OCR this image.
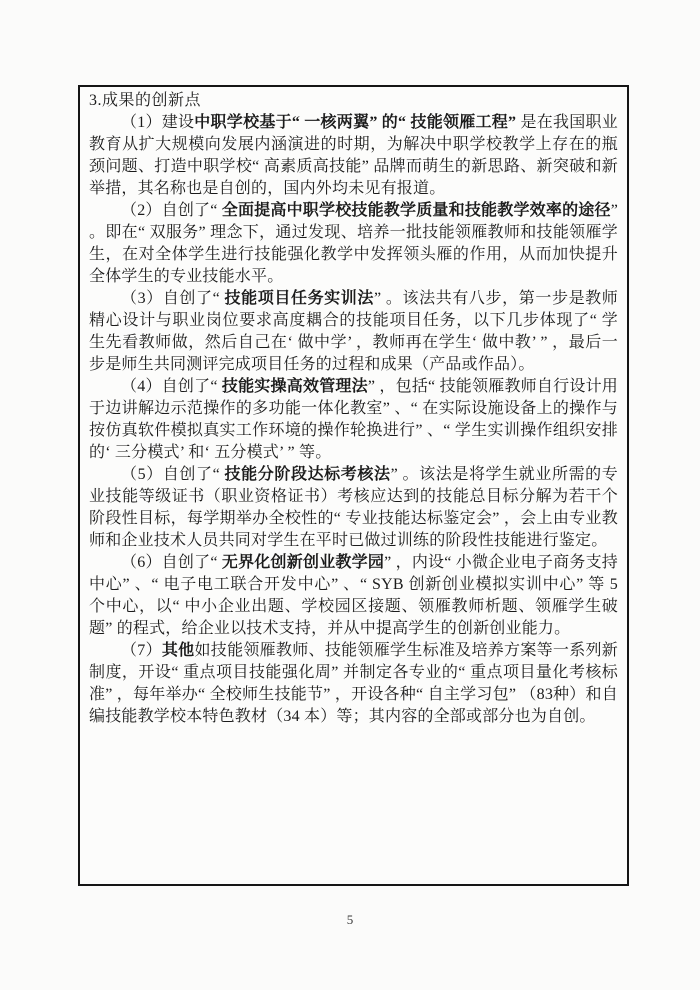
3.成果的创新点

（1）建设中职学校基于“ 一核两翼” 的“ 技能领雁工程” 是在我国职业教育从扩大规模向发展内涵演进的时期，为解决中职学校教学上存在的瓶颈问题、打造中职学校“ 高素质高技能” 品牌而萌生的新思路、新突破和新举措，其名称也是自创的，国内外均未见有报道。

（2）自创了“ 全面提高中职学校技能教学质量和技能教学效率的途径” 。即在“ 双服务” 理念下，通过发现、培养一批技能领雁教师和技能领雁学生，在对全体学生进行技能强化教学中发挥领头雁的作用，从而加快提升全体学生的专业技能水平。

（3）自创了“ 技能项目任务实训法” 。该法共有八步，第一步是教师精心设计与职业岗位要求高度耦合的技能项目任务，以下几步体现了“ 学生先看教师做，然后自己在‘ 做中学’ ，教师再在学生‘ 做中教’ ” ，最后一步是师生共同测评完成项目任务的过程和成果（产品或作品）。

（4）自创了“ 技能实操高效管理法” ，包括“ 技能领雁教师自行设计用于边讲解边示范操作的多功能一体化教室” 、“ 在实际设施设备上的操作与按仿真软件模拟真实工作环境的操作轮换进行” 、“ 学生实训操作组织安排的‘ 三分模式’ 和‘ 五分模式’ ” 等。

（5）自创了“ 技能分阶段达标考核法” 。该法是将学生就业所需的专业技能等级证书（职业资格证书）考核应达到的技能总目标分解为若干个阶段性目标，每学期举办全校性的“ 专业技能达标鉴定会” ，会上由专业教师和企业技术人员共同对学生在平时已做过训练的阶段性技能进行鉴定。

（6）自创了“ 无界化创新创业教学园” ，内设“ 小微企业电子商务支持中心” 、“ 电子电工联合开发中心” 、“ SYB 创新创业模拟实训中心” 等 5 个中心，以“ 中小企业出题、学校园区接题、领雁教师析题、领雁学生破题” 的程式，给企业以技术支持，并从中提高学生的创新创业能力。

（7）其他如技能领雁教师、技能领雁学生标准及培养方案等一系列新制度，开设“ 重点项目技能强化周” 并制定各专业的“ 重点项目量化考核标准” ，每年举办“ 全校师生技能节” ，开设各种“ 自主学习包” （83种）和自编技能教学校本特色教材（34 本）等；其内容的全部或部分也为自创。

5
